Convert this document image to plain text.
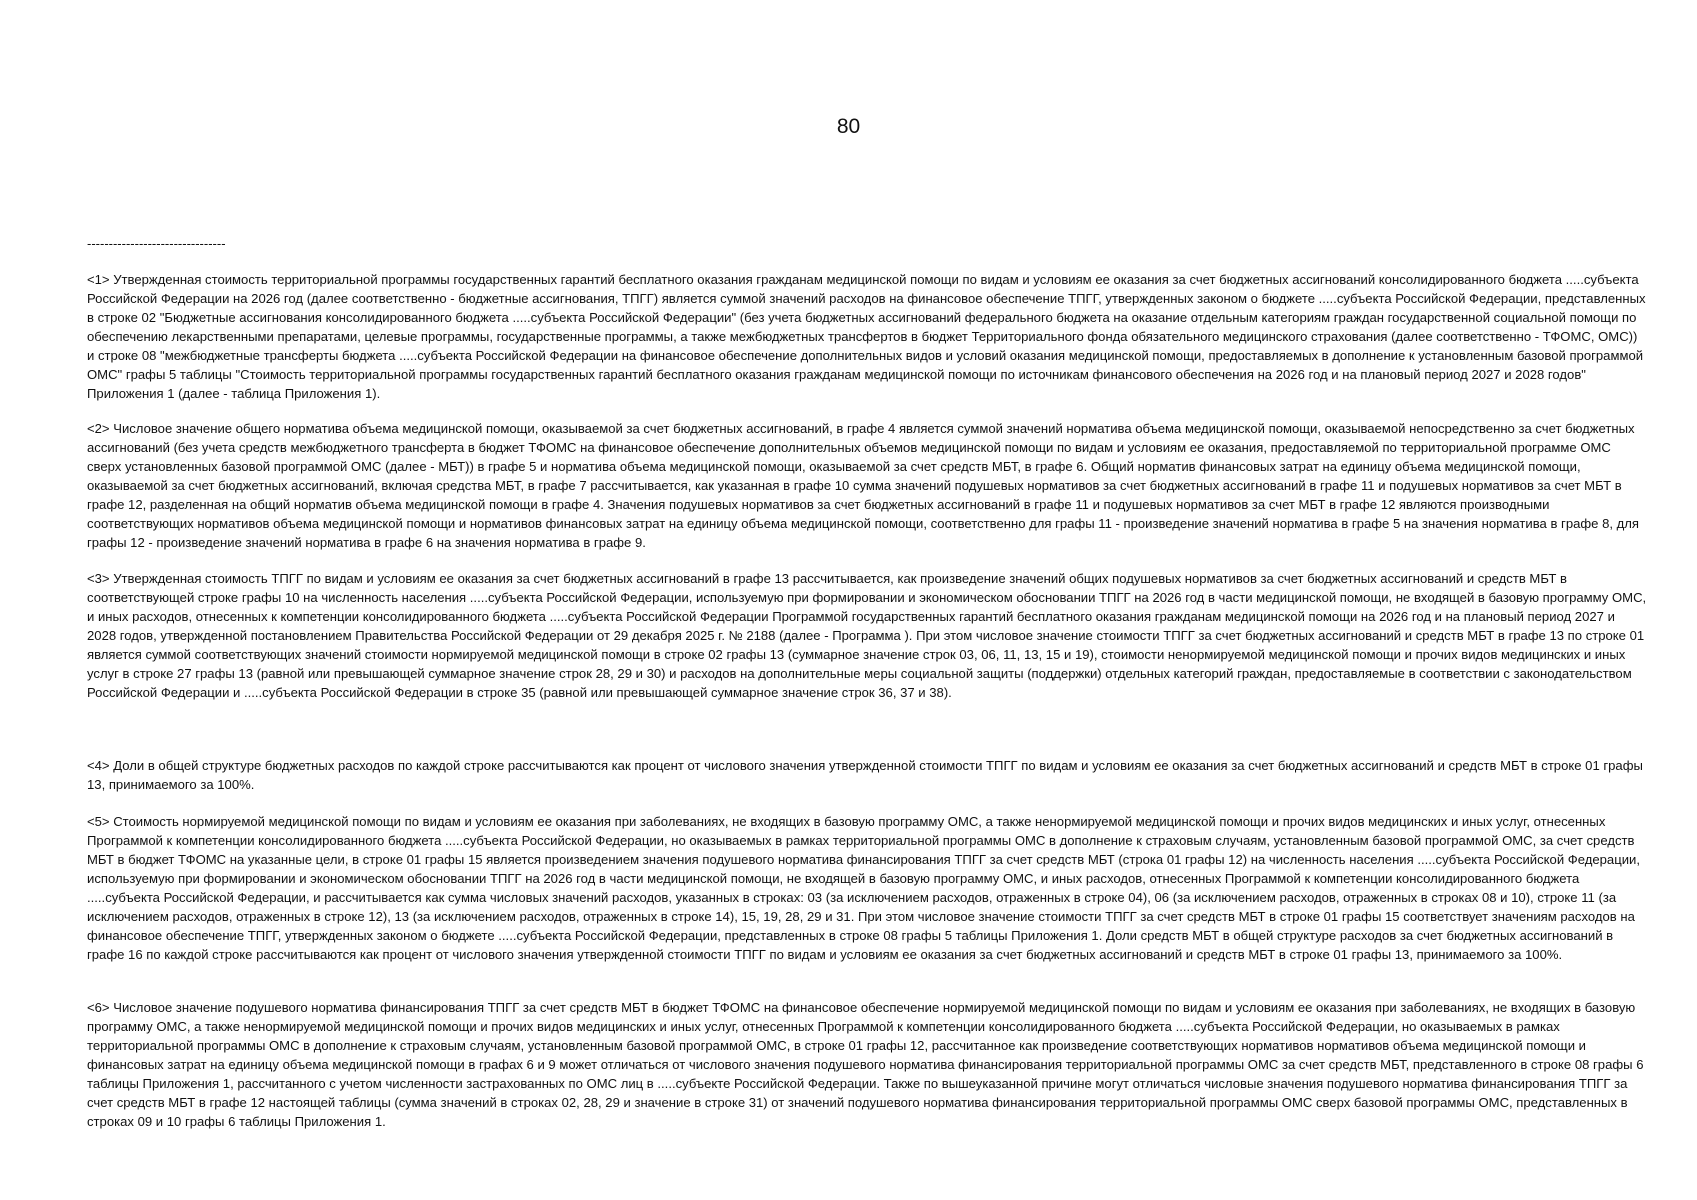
80
--------------------------------

<1> Утвержденная стоимость территориальной программы государственных гарантий бесплатного оказания гражданам медицинской помощи по видам и условиям ее оказания за счет бюджетных ассигнований консолидированного бюджета .....субъекта Российской Федерации на 2026 год (далее соответственно - бюджетные ассигнования, ТПГГ) является суммой значений расходов на финансовое обеспечение ТПГГ, утвержденных законом о бюджете .....субъекта Российской Федерации, представленных в строке 02 "Бюджетные ассигнования консолидированного бюджета .....субъекта Российской Федерации" (без учета бюджетных ассигнований федерального бюджета на оказание отдельным категориям граждан государственной социальной помощи по обеспечению лекарственными препаратами, целевые программы, государственные программы, а также межбюджетных трансфертов в бюджет Территориального фонда обязательного медицинского страхования (далее соответственно - ТФОМС, ОМС)) и строке 08 "межбюджетные трансферты бюджета .....субъекта Российской Федерации на финансовое обеспечение дополнительных видов и условий оказания медицинской помощи, предоставляемых в дополнение к установленным базовой программой ОМС" графы 5 таблицы "Стоимость территориальной программы государственных гарантий бесплатного оказания гражданам медицинской помощи по источникам финансового обеспечения на 2026 год и на плановый период 2027 и 2028 годов" Приложения 1 (далее - таблица Приложения 1).

<2> Числовое значение общего норматива объема медицинской помощи, оказываемой за счет бюджетных ассигнований, в графе 4 является суммой значений норматива объема медицинской помощи, оказываемой непосредственно за счет бюджетных ассигнований (без учета средств межбюджетного трансферта в бюджет ТФОМС на финансовое обеспечение дополнительных объемов медицинской помощи по видам и условиям ее оказания, предоставляемой по территориальной программе ОМС сверх установленных базовой программой ОМС (далее - МБТ)) в графе 5 и норматива объема медицинской помощи, оказываемой за счет средств МБТ, в графе 6. Общий норматив финансовых затрат на единицу объема медицинской помощи, оказываемой за счет бюджетных ассигнований, включая средства МБТ, в графе 7 рассчитывается, как указанная в графе 10 сумма значений подушевых нормативов за счет бюджетных ассигнований в графе 11 и подушевых нормативов за счет МБТ в графе 12, разделенная на общий норматив объема медицинской помощи в графе 4. Значения подушевых нормативов за счет бюджетных ассигнований в графе 11 и подушевых нормативов за счет МБТ в графе 12 являются производными соответствующих нормативов объема медицинской помощи и нормативов финансовых затрат на единицу объема медицинской помощи, соответственно для графы 11 - произведение значений норматива в графе 5 на значения норматива в графе 8, для графы 12 - произведение значений норматива в графе 6 на значения норматива в графе 9.

<3> Утвержденная стоимость ТПГГ по видам и условиям ее оказания за счет бюджетных ассигнований в графе 13 рассчитывается, как произведение значений общих подушевых нормативов за счет бюджетных ассигнований и средств МБТ в соответствующей строке графы 10 на численность населения .....субъекта Российской Федерации, используемую при формировании и экономическом обосновании ТПГГ на 2026 год в части медицинской помощи, не входящей в базовую программу ОМС, и иных расходов, отнесенных к компетенции консолидированного бюджета .....субъекта Российской Федерации Программой государственных гарантий бесплатного оказания гражданам медицинской помощи на 2026 год и на плановый период 2027 и 2028 годов, утвержденной постановлением Правительства Российской Федерации от 29 декабря 2025 г. № 2188 (далее - Программа ). При этом числовое значение стоимости ТПГГ за счет бюджетных ассигнований и средств МБТ в графе 13 по строке 01 является суммой соответствующих значений стоимости нормируемой медицинской помощи в строке 02 графы 13 (суммарное значение строк 03, 06, 11, 13, 15 и 19), стоимости ненормируемой медицинской помощи и прочих видов медицинских и иных услуг в строке 27 графы 13 (равной или превышающей суммарное значение строк 28, 29 и 30) и расходов на дополнительные меры социальной защиты (поддержки) отдельных категорий граждан, предоставляемые в соответствии с законодательством Российской Федерации и .....субъекта Российской Федерации в строке 35 (равной или превышающей суммарное значение строк 36, 37 и 38).

<4> Доли в общей структуре бюджетных расходов по каждой строке рассчитываются как процент от числового значения утвержденной стоимости ТПГГ по видам и условиям ее оказания за счет бюджетных ассигнований и средств МБТ в строке 01 графы 13, принимаемого за 100%.

<5> Стоимость нормируемой медицинской помощи по видам и условиям ее оказания при заболеваниях, не входящих в базовую программу ОМС, а также ненормируемой медицинской помощи и прочих видов медицинских и иных услуг, отнесенных Программой к компетенции консолидированного бюджета .....субъекта Российской Федерации, но оказываемых в рамках территориальной программы ОМС в дополнение к страховым случаям, установленным базовой программой ОМС, за счет средств МБТ в бюджет ТФОМС на указанные цели, в строке 01 графы 15 является произведением значения подушевого норматива финансирования ТПГГ за счет средств МБТ (строка 01 графы 12) на численность населения .....субъекта Российской Федерации, используемую при формировании и экономическом обосновании ТПГГ на 2026 год в части медицинской помощи, не входящей в базовую программу ОМС, и иных расходов, отнесенных Программой к компетенции консолидированного бюджета .....субъекта Российской Федерации, и рассчитывается как сумма числовых значений расходов, указанных в строках: 03 (за исключением расходов, отраженных в строке 04), 06 (за исключением расходов, отраженных в строках 08 и 10), строке 11 (за исключением расходов, отраженных в строке 12), 13 (за исключением расходов, отраженных в строке 14), 15, 19, 28, 29 и 31. При этом числовое значение стоимости ТПГГ за счет средств МБТ в строке 01 графы 15 соответствует значениям расходов на финансовое обеспечение ТПГГ, утвержденных законом о бюджете .....субъекта Российской Федерации, представленных в строке 08 графы 5 таблицы Приложения 1. Доли средств МБТ в общей структуре расходов за счет бюджетных ассигнований в графе 16 по каждой строке рассчитываются как процент от числового значения утвержденной стоимости ТПГГ по видам и условиям ее оказания за счет бюджетных ассигнований и средств МБТ в строке 01 графы 13, принимаемого за 100%.

<6> Числовое значение подушевого норматива финансирования ТПГГ за счет средств МБТ в бюджет ТФОМС на финансовое обеспечение нормируемой медицинской помощи по видам и условиям ее оказания при заболеваниях, не входящих в базовую программу ОМС, а также ненормируемой медицинской помощи и прочих видов медицинских и иных услуг, отнесенных Программой к компетенции консолидированного бюджета .....субъекта Российской Федерации, но оказываемых в рамках территориальной программы ОМС в дополнение к страховым случаям, установленным базовой программой ОМС, в строке 01 графы 12, рассчитанное как произведение соответствующих нормативов нормативов объема медицинской помощи и финансовых затрат на единицу объема медицинской помощи в графах 6 и 9 может отличаться от числового значения подушевого норматива финансирования территориальной программы ОМС за счет средств МБТ, представленного в строке 08 графы 6 таблицы Приложения 1, рассчитанного с учетом численности застрахованных по ОМС лиц в .....субъекте Российской Федерации. Также по вышеуказанной причине могут отличаться числовые значения подушевого норматива финансирования ТПГГ за счет средств МБТ в графе 12 настоящей таблицы (сумма значений в строках 02, 28, 29 и значение в строке 31) от значений подушевого норматива финансирования территориальной программы ОМС сверх базовой программы ОМС, представленных в строках 09 и 10 графы 6 таблицы Приложения 1.
